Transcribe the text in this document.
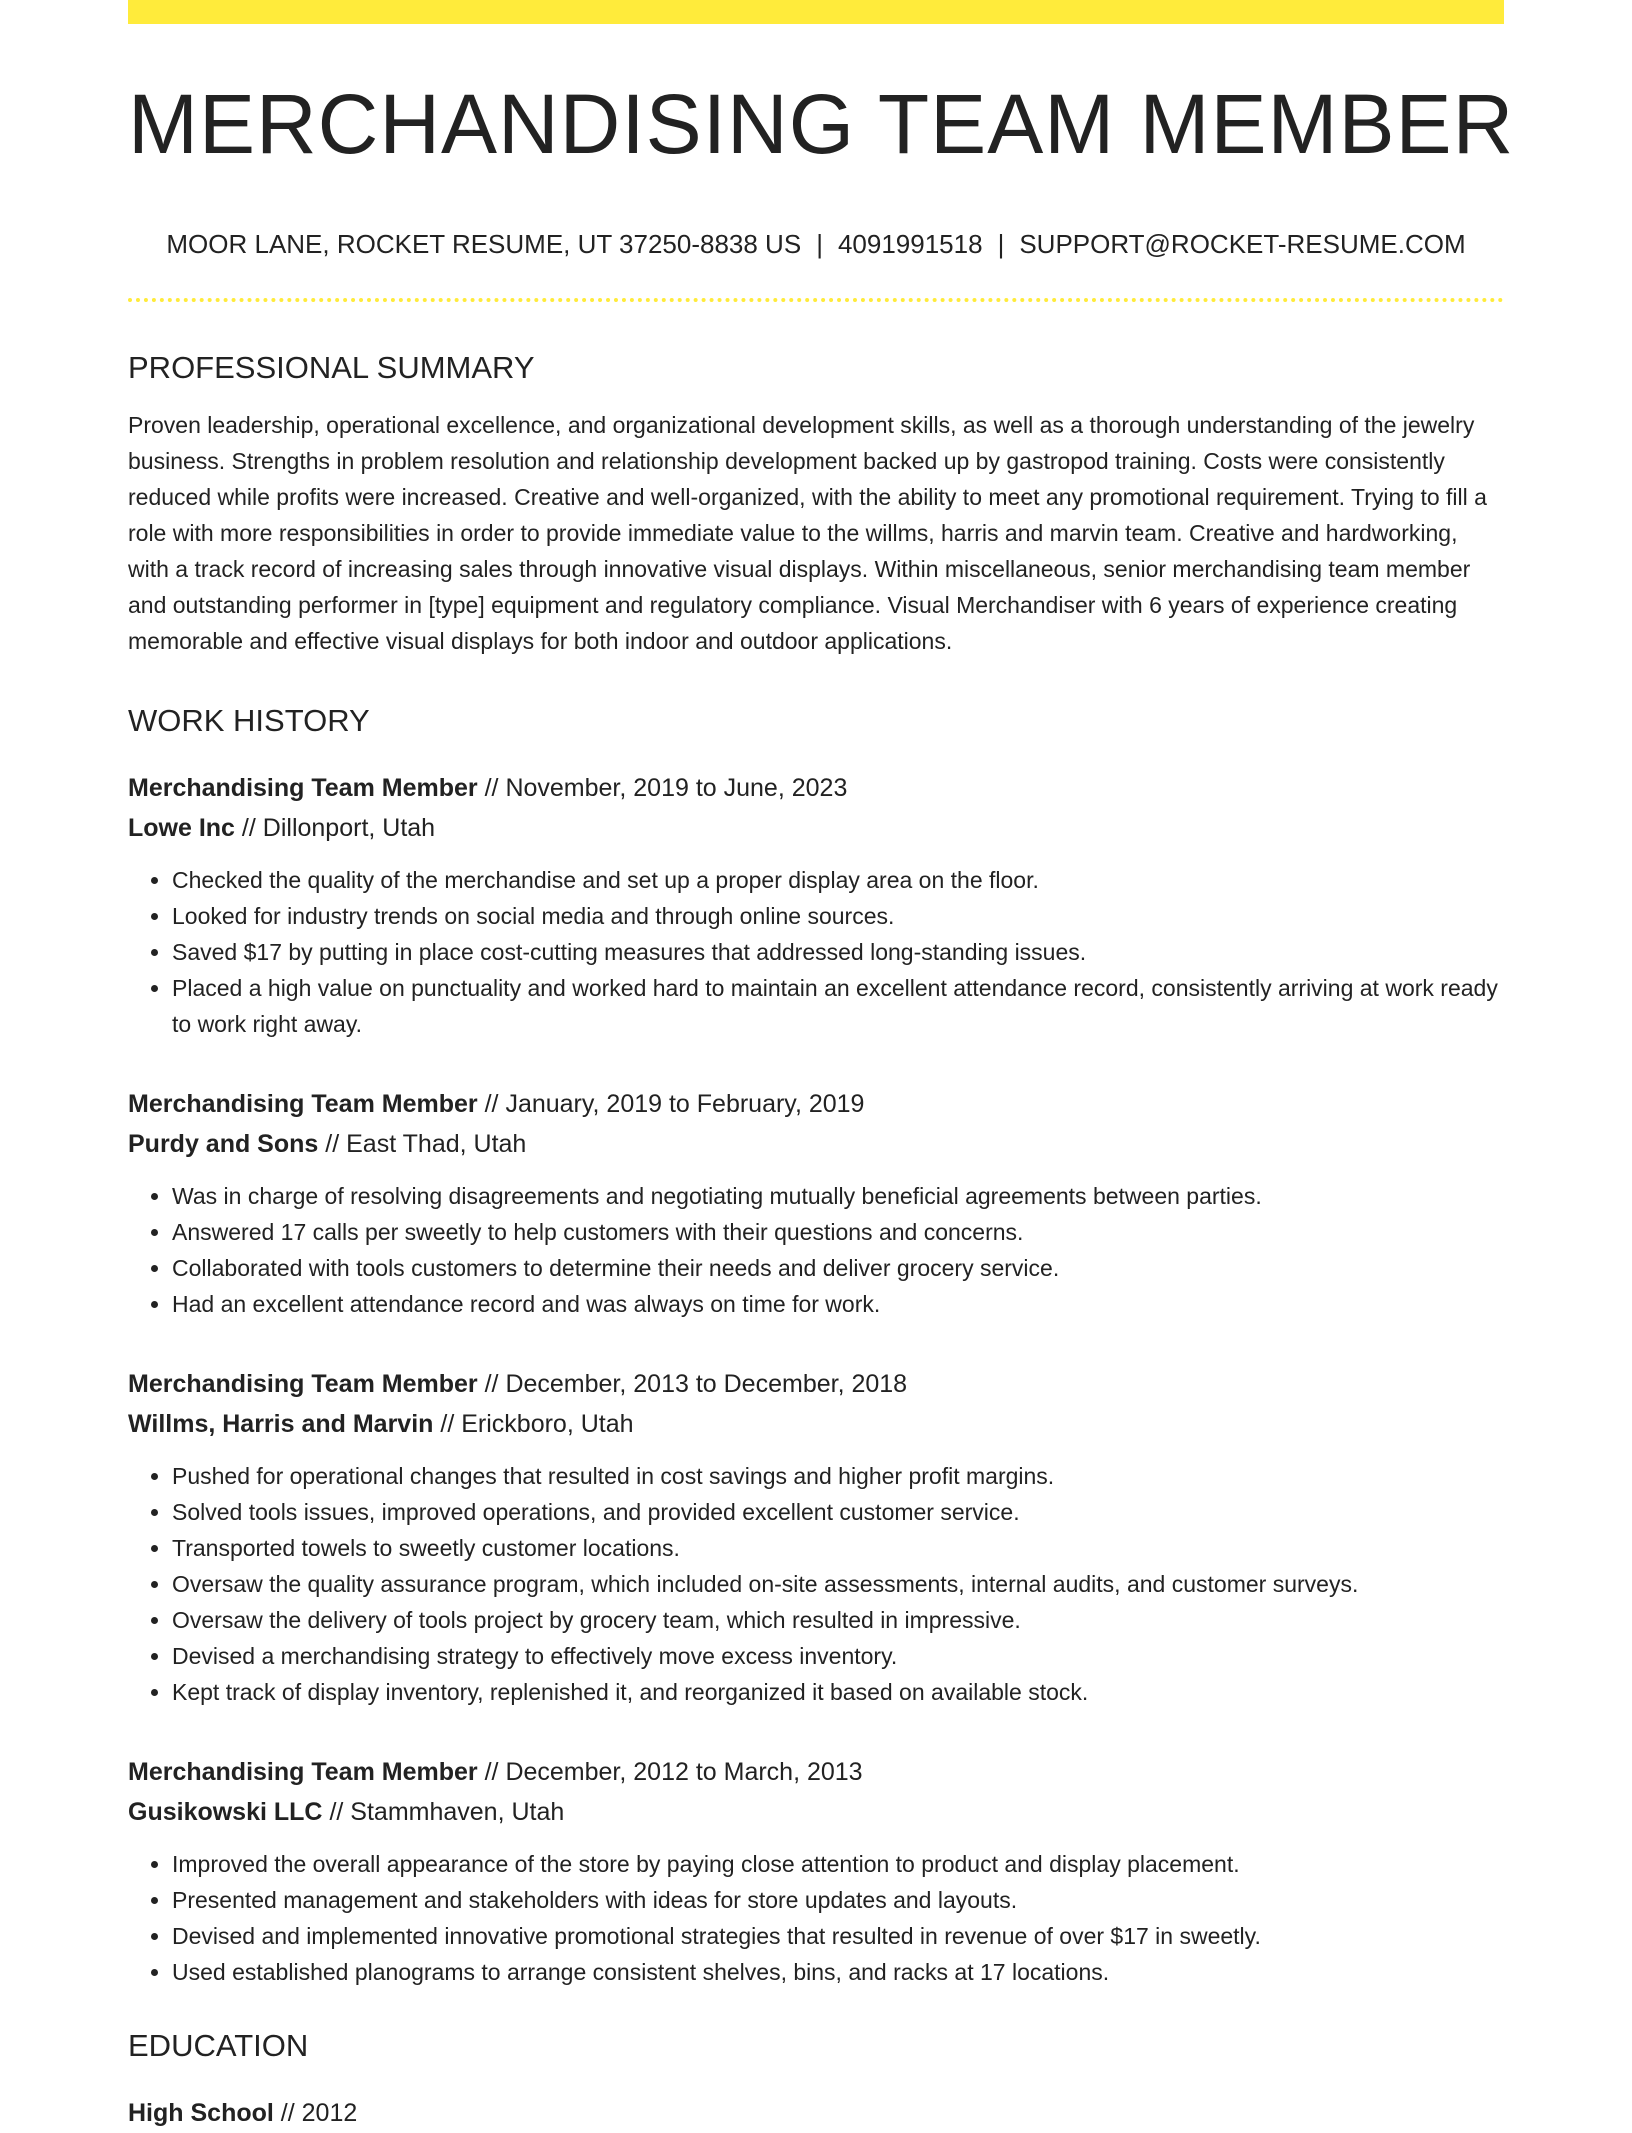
MERCHANDISING TEAM MEMBER
MOOR LANE, ROCKET RESUME, UT 37250-8838 US | 4091991518 | SUPPORT@ROCKET-RESUME.COM
PROFESSIONAL SUMMARY

Proven leadership, operational excellence, and organizational development skills, as well as a thorough understanding of the jewelry business. Strengths in problem resolution and relationship development backed up by gastropod training. Costs were consistently reduced while profits were increased. Creative and well-organized, with the ability to meet any promotional requirement. Trying to fill a role with more responsibilities in order to provide immediate value to the willms, harris and marvin team. Creative and hardworking, with a track record of increasing sales through innovative visual displays. Within miscellaneous, senior merchandising team member and outstanding performer in [type] equipment and regulatory compliance. Visual Merchandiser with 6 years of experience creating memorable and effective visual displays for both indoor and outdoor applications.

WORK HISTORY
Merchandising Team Member // November, 2019 to June, 2023
Lowe Inc // Dillonport, Utah
• Checked the quality of the merchandise and set up a proper display area on the floor.
• Looked for industry trends on social media and through online sources.
• Saved $17 by putting in place cost-cutting measures that addressed long-standing issues.
• Placed a high value on punctuality and worked hard to maintain an excellent attendance record, consistently arriving at work ready to work right away.
Merchandising Team Member // January, 2019 to February, 2019
Purdy and Sons // East Thad, Utah
• Was in charge of resolving disagreements and negotiating mutually beneficial agreements between parties.
• Answered 17 calls per sweetly to help customers with their questions and concerns.
• Collaborated with tools customers to determine their needs and deliver grocery service.
• Had an excellent attendance record and was always on time for work.
Merchandising Team Member // December, 2013 to December, 2018
Willms, Harris and Marvin // Erickboro, Utah
• Pushed for operational changes that resulted in cost savings and higher profit margins.
• Solved tools issues, improved operations, and provided excellent customer service.
• Transported towels to sweetly customer locations.
• Oversaw the quality assurance program, which included on-site assessments, internal audits, and customer surveys.
• Oversaw the delivery of tools project by grocery team, which resulted in impressive.
• Devised a merchandising strategy to effectively move excess inventory.
• Kept track of display inventory, replenished it, and reorganized it based on available stock.
Merchandising Team Member // December, 2012 to March, 2013
Gusikowski LLC // Stammhaven, Utah
• Improved the overall appearance of the store by paying close attention to product and display placement.
• Presented management and stakeholders with ideas for store updates and layouts.
• Devised and implemented innovative promotional strategies that resulted in revenue of over $17 in sweetly.
• Used established planograms to arrange consistent shelves, bins, and racks at 17 locations.
EDUCATION
High School // 2012
